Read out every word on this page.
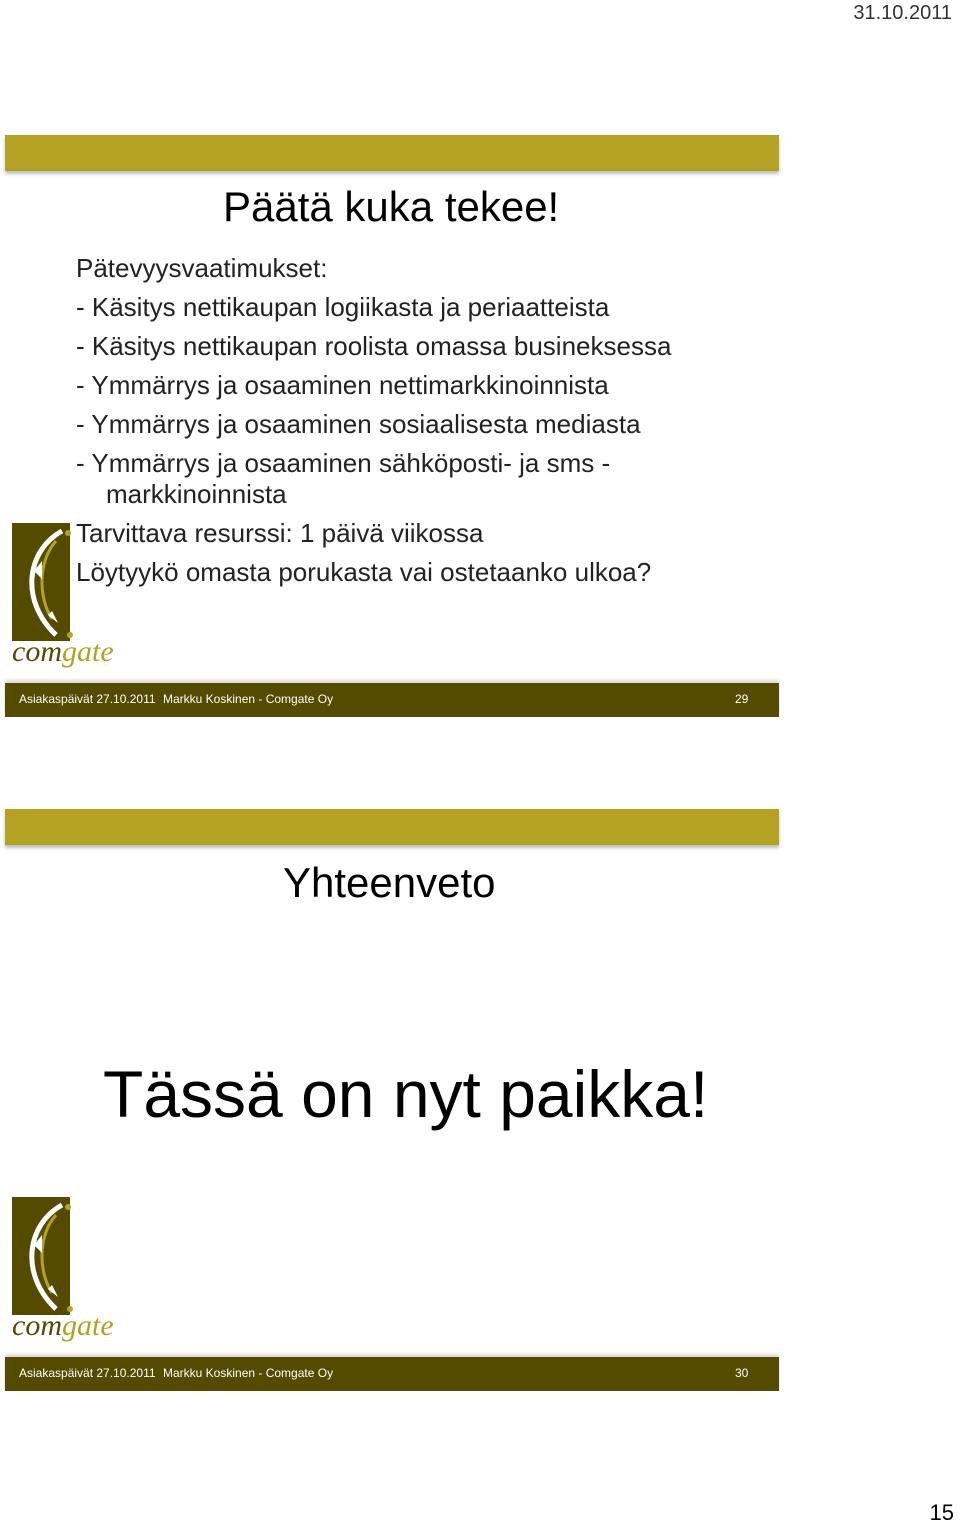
31.10.2011
Päätä kuka tekee!
Pätevyysvaatimukset:
- Käsitys nettikaupan logiikasta ja periaatteista
- Käsitys nettikaupan roolista omassa busineksessa
- Ymmärrys ja osaaminen nettimarkkinoinnista
- Ymmärrys ja osaaminen sosiaalisesta mediasta
- Ymmärrys ja osaaminen sähköposti- ja sms - markkinoinnista
Tarvittava resurssi: 1 päivä viikossa
Löytyykö omasta porukasta vai ostetaanko ulkoa?
comgate
Asiakaspäivät 27.10.2011 Markku Koskinen - Comgate Oy	29
Yhteenveto
Tässä on nyt paikka!
comgate
Asiakaspäivät 27.10.2011 Markku Koskinen - Comgate Oy	30
15
